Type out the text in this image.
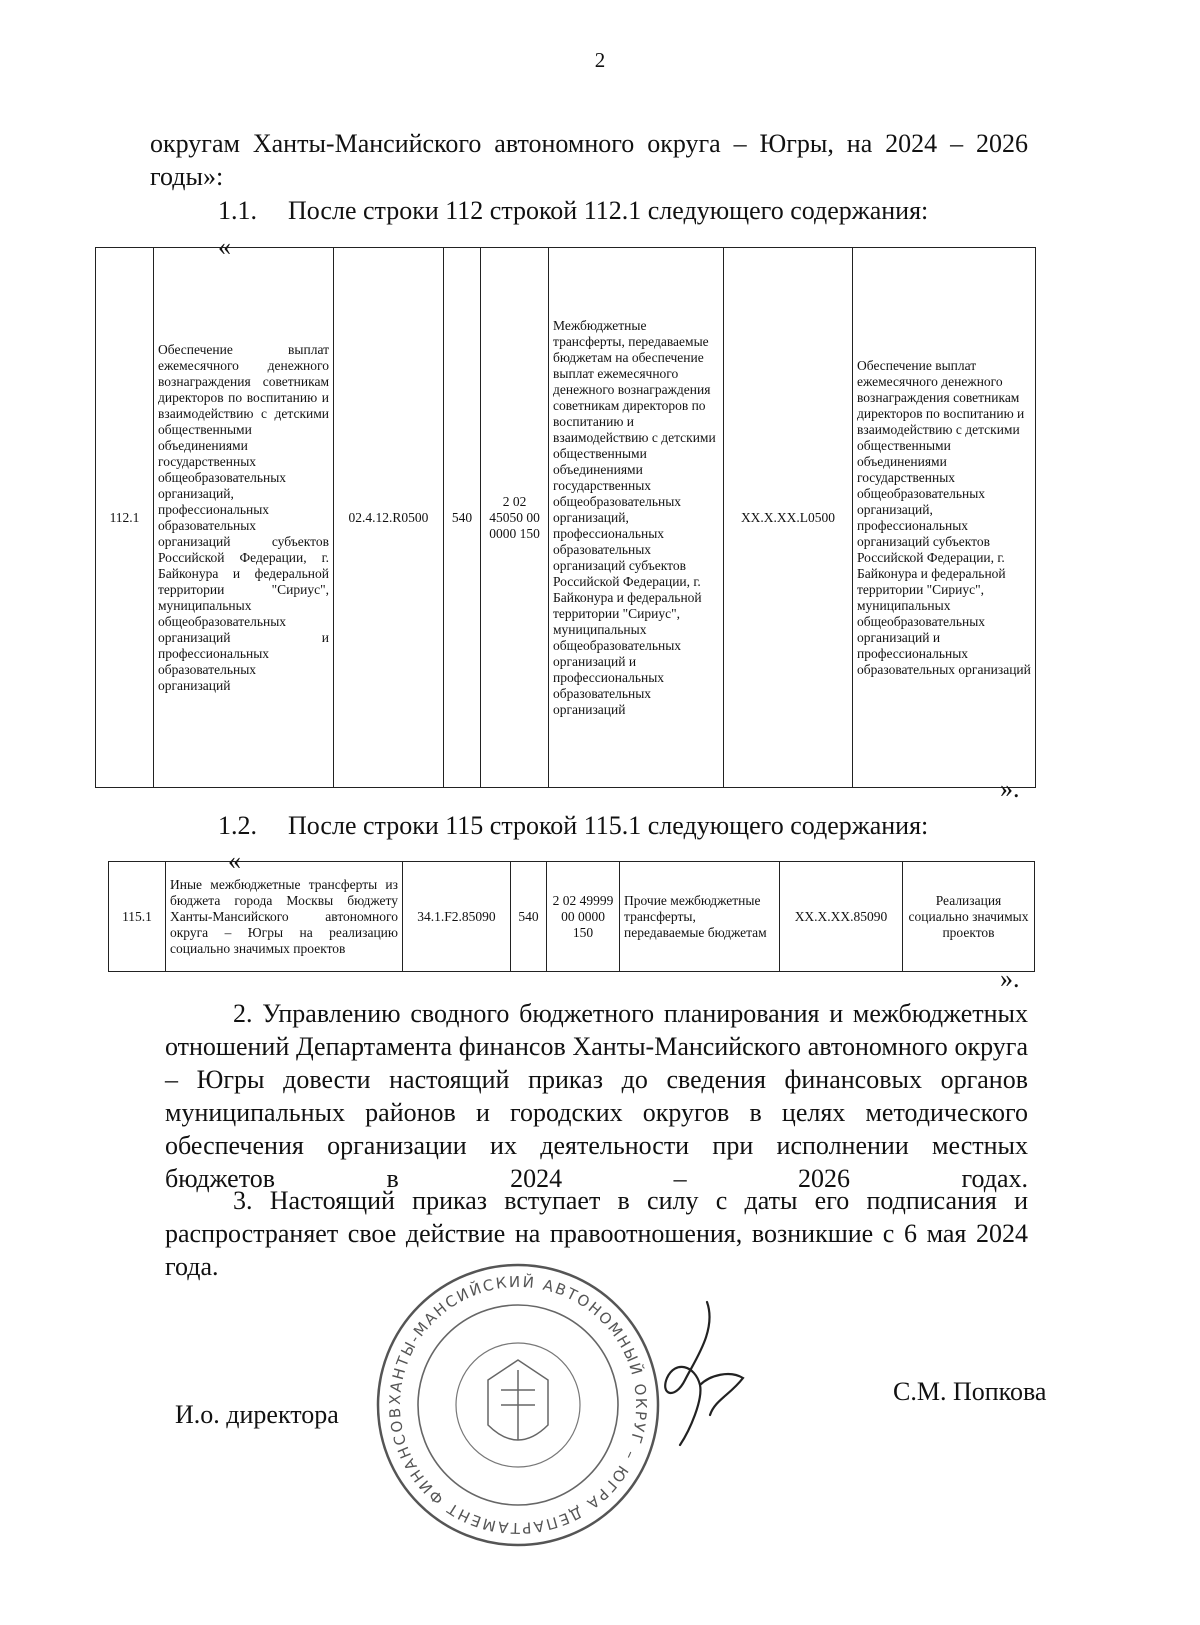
2

округам Ханты-Мансийского автономного округа – Югры, на 2024 – 2026 годы»:

1.1. После строки 112 строкой 112.1 следующего содержания:
«
112.1	Обеспечение выплат ежемесячного денежного вознаграждения советникам директоров по воспитанию и взаимодействию с детскими общественными объединениями государственных общеобразовательных организаций, профессиональных образовательных организаций субъектов Российской Федерации, г. Байконура и федеральной территории "Сириус", муниципальных общеобразовательных организаций и профессиональных образовательных организаций	02.4.12.R0500	540	2 02 45050 00 0000 150	Межбюджетные трансферты, передаваемые бюджетам на обеспечение выплат ежемесячного денежного вознаграждения советникам директоров по воспитанию и взаимодействию с детскими общественными объединениями государственных общеобразовательных организаций, профессиональных образовательных организаций субъектов Российской Федерации, г. Байконура и федеральной территории "Сириус", муниципальных общеобразовательных организаций и профессиональных образовательных организаций	XX.X.XX.L0500	Обеспечение выплат ежемесячного денежного вознаграждения советникам директоров по воспитанию и взаимодействию с детскими общественными объединениями государственных общеобразовательных организаций, профессиональных организаций субъектов Российской Федерации, г. Байконура и федеральной территории "Сириус", муниципальных общеобразовательных организаций и профессиональных образовательных организаций
».
1.2. После строки 115 строкой 115.1 следующего содержания:
«
115.1	Иные межбюджетные трансферты из бюджета города Москвы бюджету Ханты-Мансийского автономного округа – Югры на реализацию социально значимых проектов	34.1.F2.85090	540	2 02 49999 00 0000 150	Прочие межбюджетные трансферты, передаваемые бюджетам	XX.X.XX.85090	Реализация социально значимых проектов
».

2. Управлению сводного бюджетного планирования и межбюджетных отношений Департамента финансов Ханты-Мансийского автономного округа – Югры довести настоящий приказ до сведения финансовых органов муниципальных районов и городских округов в целях методического обеспечения организации их деятельности при исполнении местных бюджетов в 2024 – 2026 годах.

3. Настоящий приказ вступает в силу с даты его подписания и распространяет свое действие на правоотношения, возникшие с 6 мая 2024 года.

И.о. директора
С.М. Попкова
ХАНТЫ-МАНСИЙСКИЙ АВТОНОМНЫЙ ОКРУГ – ЮГРА ДЕПАРТАМЕНТ ФИНАНСОВ
